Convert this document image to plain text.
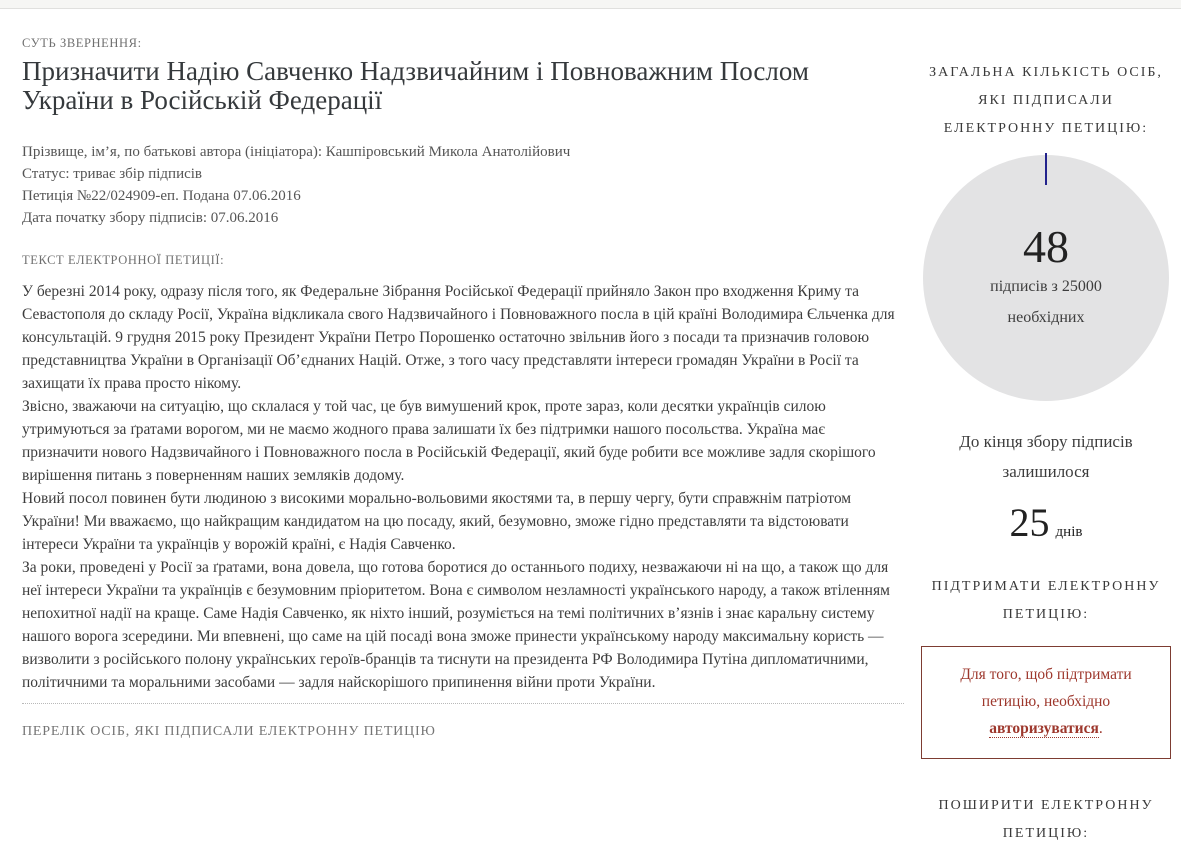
СУТЬ ЗВЕРНЕННЯ:
Призначити Надію Савченко Надзвичайним і Повноважним Послом України в Російській Федерації
Прізвище, ім’я, по батькові автора (ініціатора): Кашпіровський Микола Анатолійович
Статус: триває збір підписів
Петиція №22/024909-еп. Подана 07.06.2016
Дата початку збору підписів: 07.06.2016
ТЕКСТ ЕЛЕКТРОННОЇ ПЕТИЦІЇ:

У березні 2014 року, одразу після того, як Федеральне Зібрання Російської Федерації прийняло Закон про входження Криму та Севастополя до складу Росії, Україна відкликала свого Надзвичайного і Повноважного посла в цій країні Володимира Єльченка для консультацій. 9 грудня 2015 року Президент України Петро Порошенко остаточно звільнив його з посади та призначив головою представництва України в Організації Об’єднаних Націй. Отже, з того часу представляти інтереси громадян України в Росії та захищати їх права просто нікому.

Звісно, зважаючи на ситуацію, що склалася у той час, це був вимушений крок, проте зараз, коли десятки українців силою утримуються за ґратами ворогом, ми не маємо жодного права залишати їх без підтримки нашого посольства. Україна має призначити нового Надзвичайного і Повноважного посла в Російській Федерації, який буде робити все можливе задля скорішого вирішення питань з поверненням наших земляків додому.

Новий посол повинен бути людиною з високими морально-вольовими якостями та, в першу чергу, бути справжнім патріотом України! Ми вважаємо, що найкращим кандидатом на цю посаду, який, безумовно, зможе гідно представляти та відстоювати інтереси України та українців у ворожій країні, є Надія Савченко.

За роки, проведені у Росії за ґратами, вона довела, що готова боротися до останнього подиху, незважаючи ні на що, а також що для неї інтереси України та українців є безумовним пріоритетом. Вона є символом незламності українського народу, а також втіленням непохитної надії на краще. Саме Надія Савченко, як ніхто інший, розуміється на темі політичних в’язнів і знає каральну систему нашого ворога зсередини. Ми впевнені, що саме на цій посаді вона зможе принести українському народу максимальну користь — визволити з російського полону українських героїв-бранців та тиснути на президента РФ Володимира Путіна дипломатичними, політичними та моральними засобами — задля найскорішого припинення війни проти України.

ПЕРЕЛІК ОСІБ, ЯКІ ПІДПИСАЛИ ЕЛЕКТРОННУ ПЕТИЦІЮ
ЗАГАЛЬНА КІЛЬКІСТЬ ОСІБ, ЯКІ ПІДПИСАЛИ ЕЛЕКТРОННУ ПЕТИЦІЮ:
48
підписів з 25000
необхідних
До кінця збору підписів
залишилося
25 днів
ПІДТРИМАТИ ЕЛЕКТРОННУ ПЕТИЦІЮ:
Для того, щоб підтримати петицію, необхідно авторизуватися.
ПОШИРИТИ ЕЛЕКТРОННУ ПЕТИЦІЮ:
